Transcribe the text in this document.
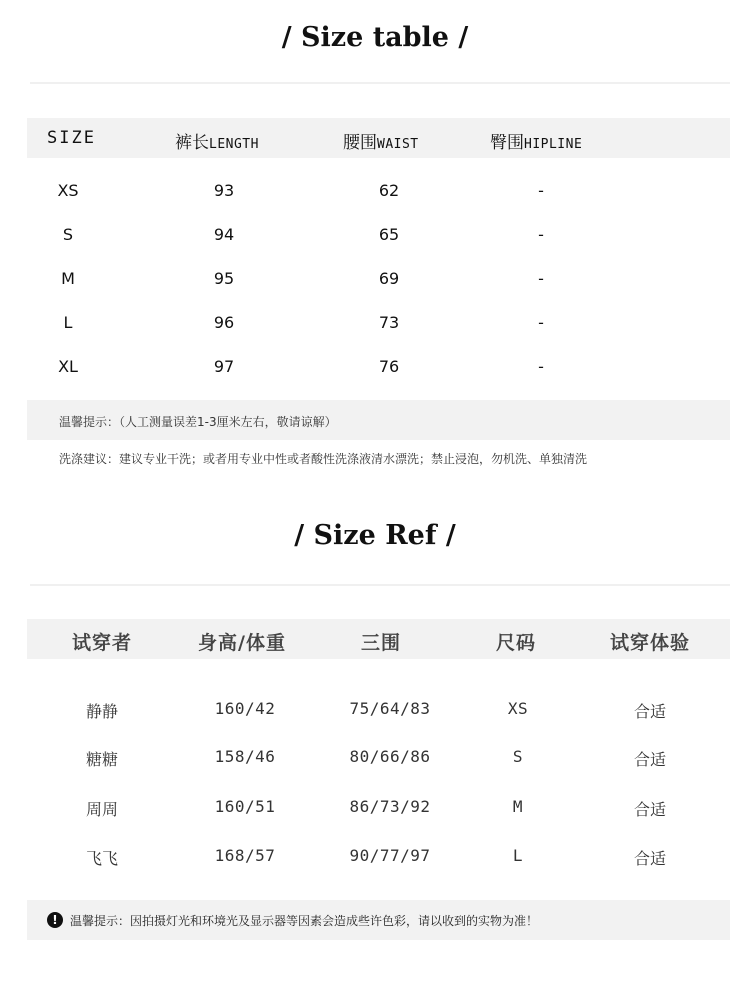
/ Size table /
SIZE	裤长LENGTH	腰围WAIST	臀围HIPLINE
XS	93	62	-
S	94	65	-
M	95	69	-
L	96	73	-
XL	97	76	-
温馨提示：（人工测量误差1-3厘米左右，敬请谅解）
洗涤建议：建议专业干洗；或者用专业中性或者酸性洗涤液清水漂洗；禁止浸泡，勿机洗、单独清洗
/ Size Ref /
试穿者	身高/体重	三围	尺码	试穿体验
静静	160/42	75/64/83	XS	合适
糖糖	158/46	80/66/86	S	合适
周周	160/51	86/73/92	M	合适
飞飞	168/57	90/77/97	L	合适
!	温馨提示：因拍摄灯光和环境光及显示器等因素会造成些许色彩，请以收到的实物为准！
